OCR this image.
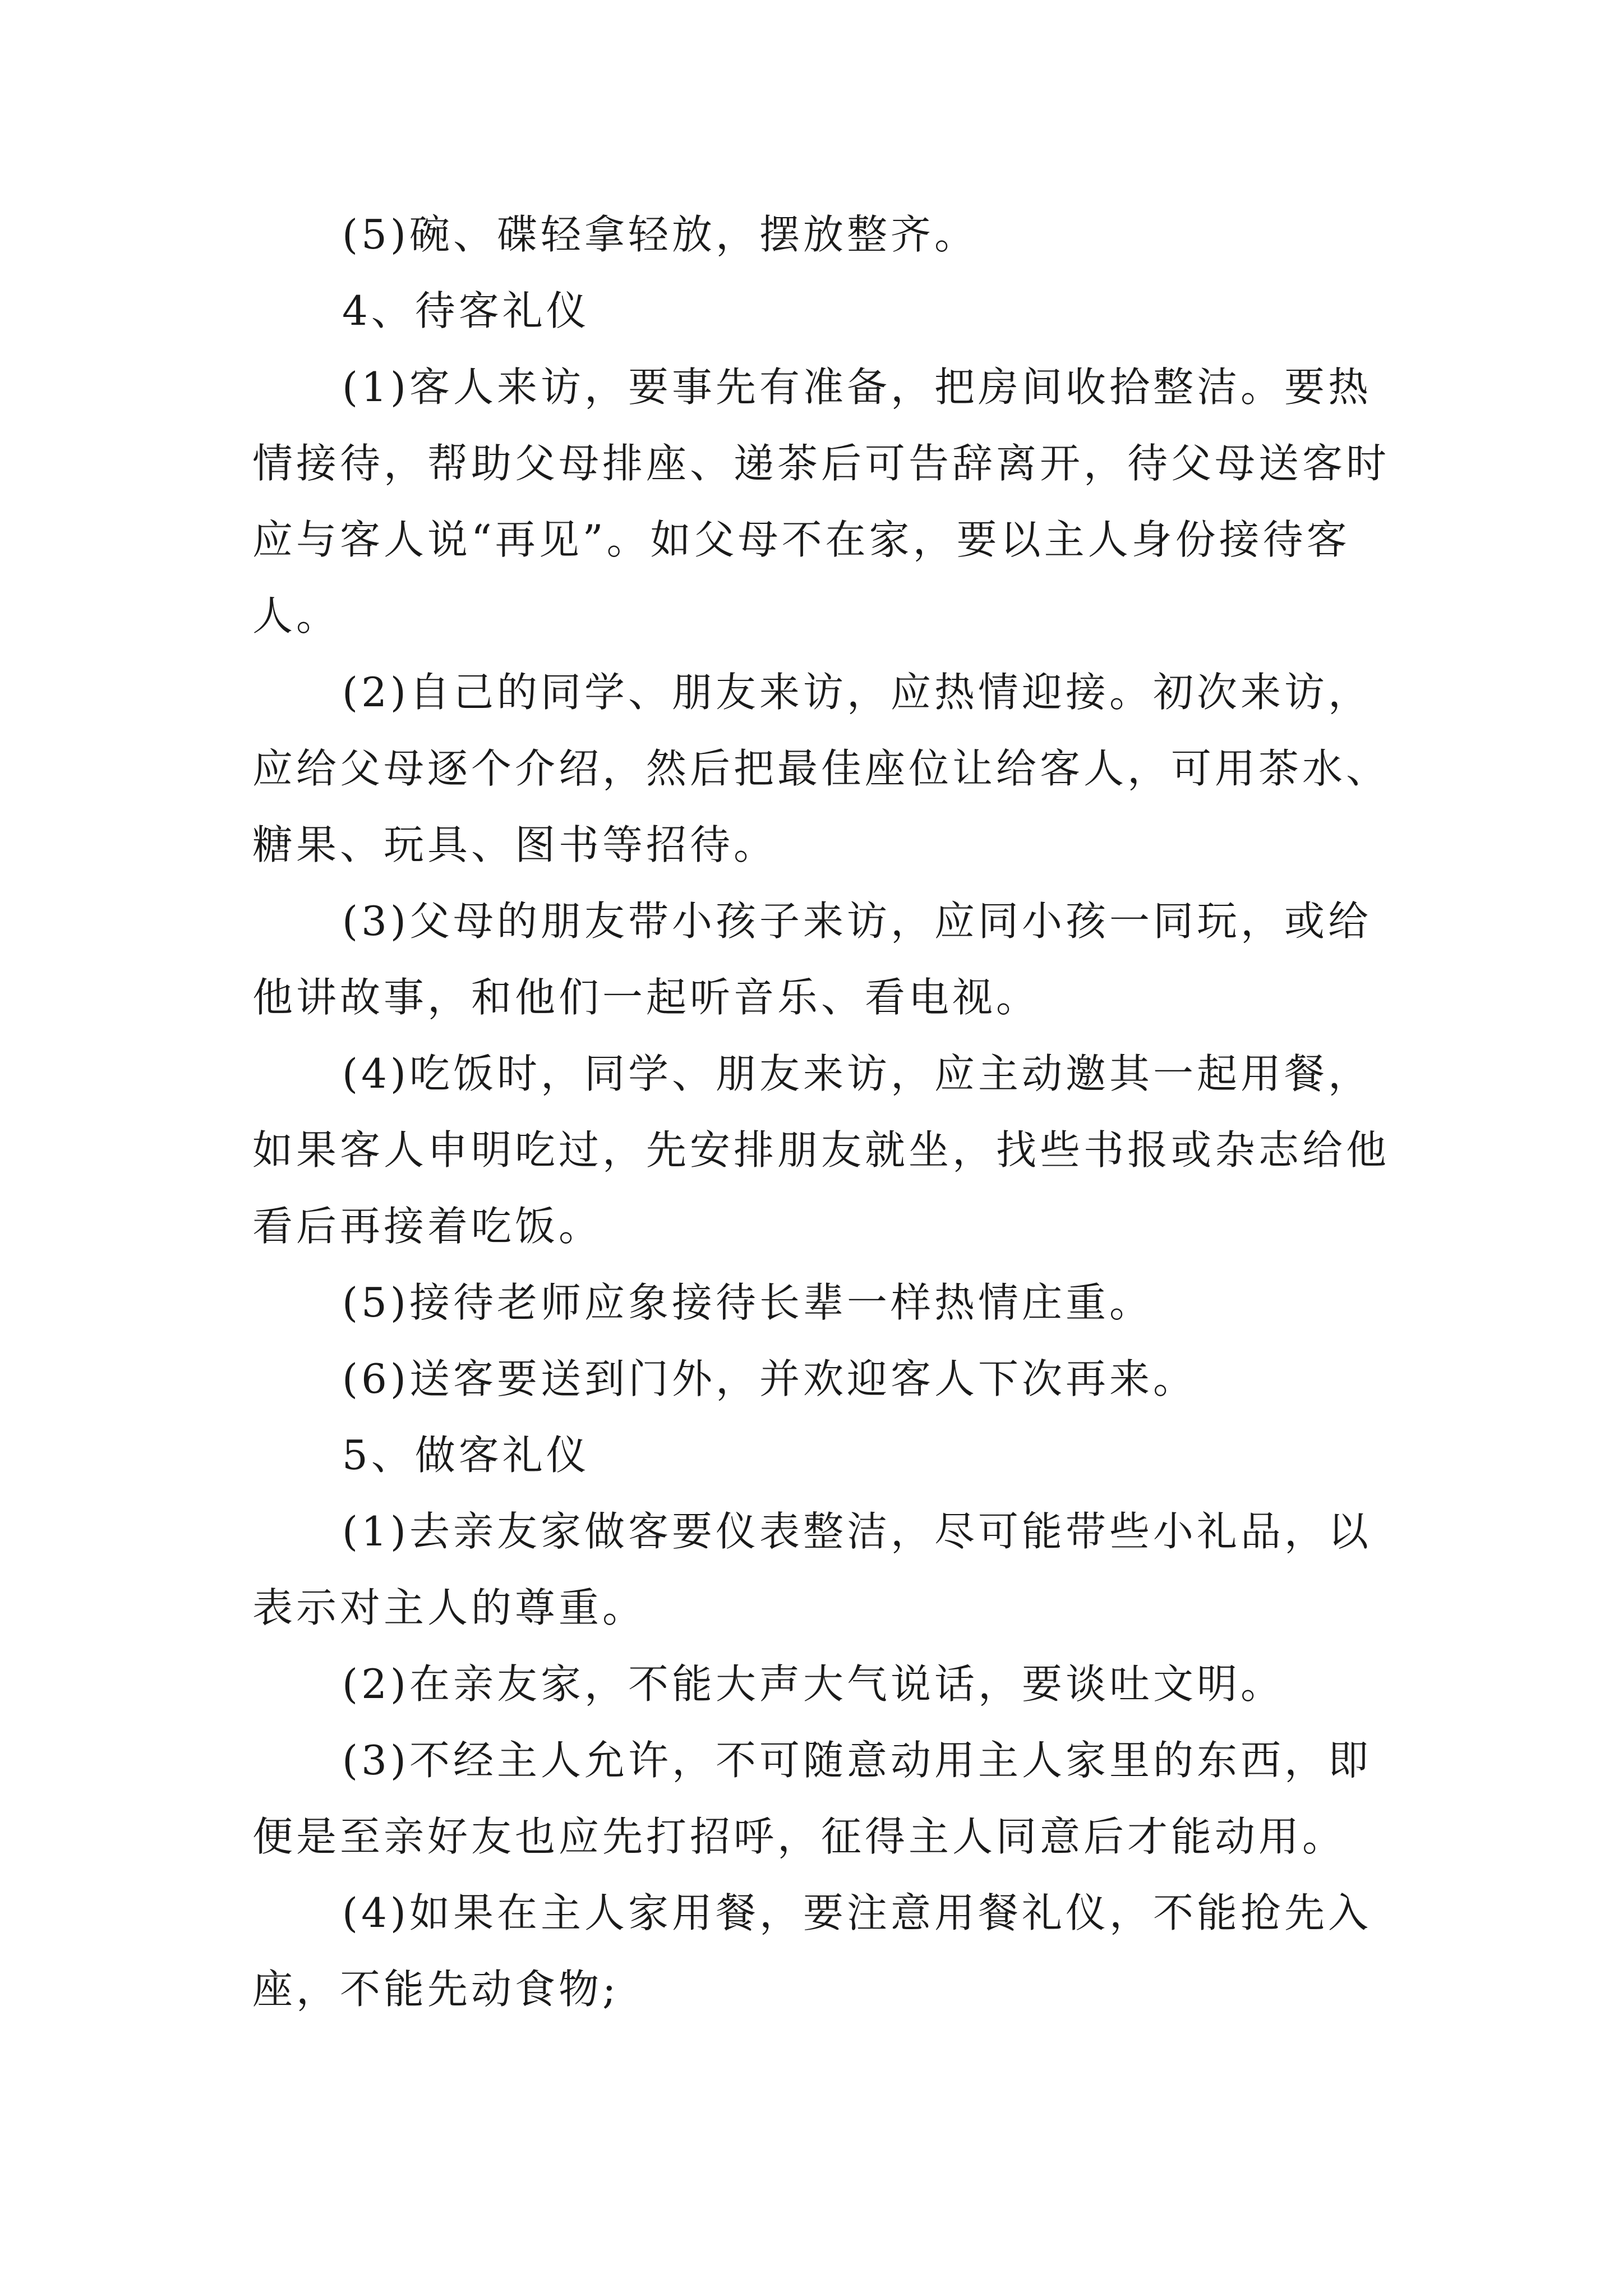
(5)碗、碟轻拿轻放，摆放整齐。

4、待客礼仪

(1)客人来访，要事先有准备，把房间收拾整洁。要热情接待，帮助父母排座、递茶后可告辞离开，待父母送客时应与客人说“再见”。如父母不在家，要以主人身份接待客人。

(2)自己的同学、朋友来访，应热情迎接。初次来访，应给父母逐个介绍，然后把最佳座位让给客人，可用茶水、糖果、玩具、图书等招待。

(3)父母的朋友带小孩子来访，应同小孩一同玩，或给他讲故事，和他们一起听音乐、看电视。

(4)吃饭时，同学、朋友来访，应主动邀其一起用餐，如果客人申明吃过，先安排朋友就坐，找些书报或杂志给他看后再接着吃饭。

(5)接待老师应象接待长辈一样热情庄重。

(6)送客要送到门外，并欢迎客人下次再来。

5、做客礼仪

(1)去亲友家做客要仪表整洁，尽可能带些小礼品，以表示对主人的尊重。

(2)在亲友家，不能大声大气说话，要谈吐文明。

(3)不经主人允许，不可随意动用主人家里的东西，即便是至亲好友也应先打招呼，征得主人同意后才能动用。

(4)如果在主人家用餐，要注意用餐礼仪，不能抢先入座，不能先动食物;
